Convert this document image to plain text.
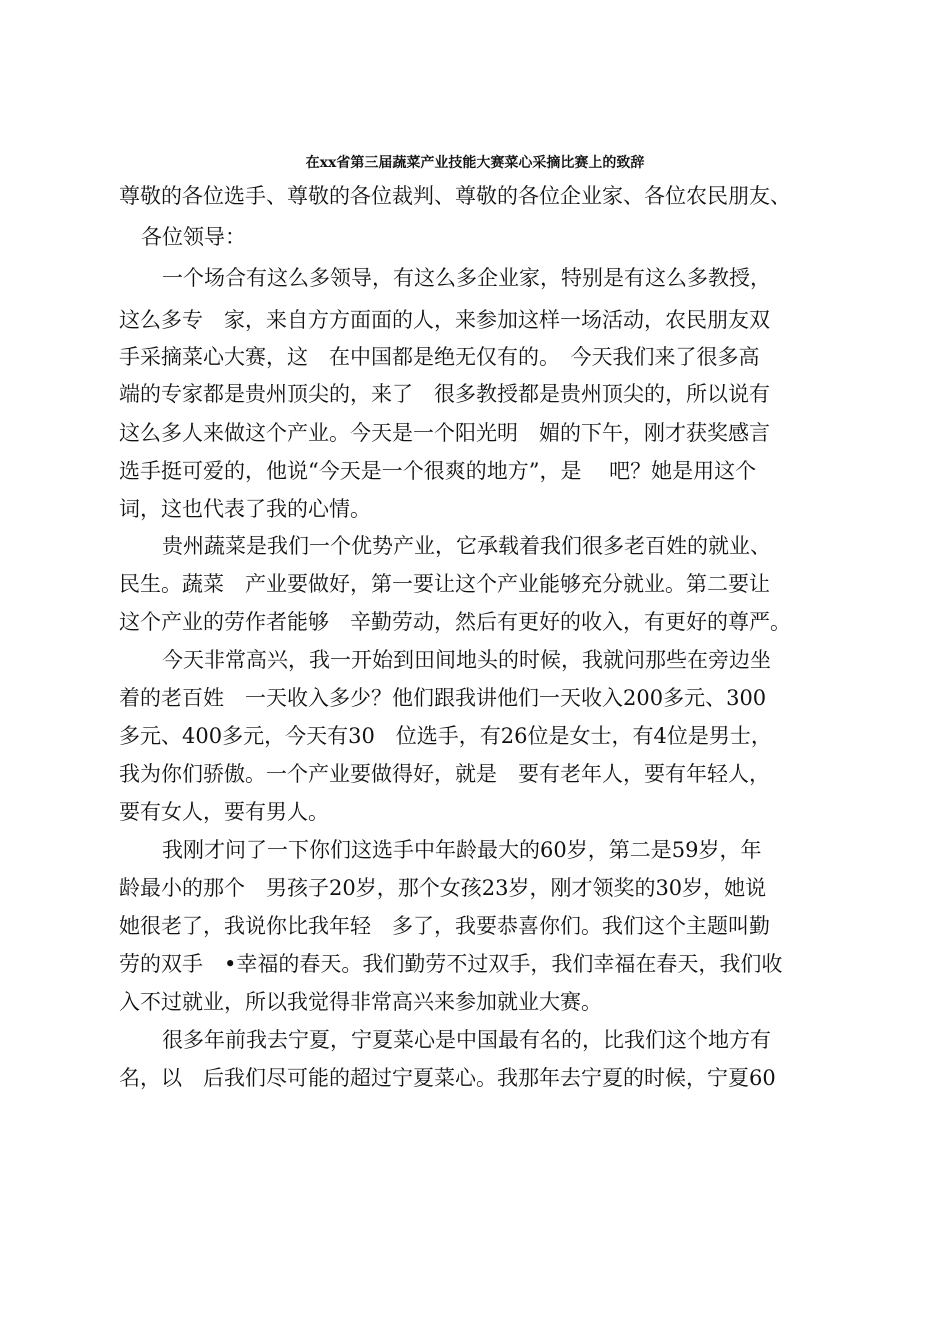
在xx省第三届蔬菜产业技能大赛菜心采摘比赛上的致辞
尊敬的各位选手、尊敬的各位裁判、尊敬的各位企业家、各位农民朋友、
各位领导：
一个场合有这么多领导，有这么多企业家，特别是有这么多教授，
这么多专　家，来自方方面面的人，来参加这样一场活动，农民朋友双
手采摘菜心大赛，这　在中国都是绝无仅有的。　今天我们来了很多高
端的专家都是贵州顶尖的，来了　很多教授都是贵州顶尖的，所以说有
这么多人来做这个产业。今天是一个阳光明　媚的下午，刚才获奖感言
选手挺可爱的，他说“今天是一个很爽的地方”，是　 吧？她是用这个
词，这也代表了我的心情。
贵州蔬菜是我们一个优势产业，它承载着我们很多老百姓的就业、
民生。蔬菜　产业要做好，第一要让这个产业能够充分就业。第二要让
这个产业的劳作者能够　辛勤劳动，然后有更好的收入，有更好的尊严。
今天非常高兴，我一开始到田间地头的时候，我就问那些在旁边坐
着的老百姓　一天收入多少？他们跟我讲他们一天收入200多元、300
多元、400多元，今天有30　位选手，有26位是女士，有4位是男士，
我为你们骄傲。一个产业要做得好，就是　要有老年人，要有年轻人，
要有女人，要有男人。
我刚才问了一下你们这选手中年龄最大的60岁，第二是59岁，年
龄最小的那个　男孩子20岁，那个女孩23岁，刚才领奖的30岁，她说
她很老了，我说你比我年轻　多了，我要恭喜你们。我们这个主题叫勤
劳的双手　•幸福的春天。我们勤劳不过双手，我们幸福在春天，我们收
入不过就业，所以我觉得非常高兴来参加就业大赛。
很多年前我去宁夏，宁夏菜心是中国最有名的，比我们这个地方有
名，以　后我们尽可能的超过宁夏菜心。我那年去宁夏的时候，宁夏60
